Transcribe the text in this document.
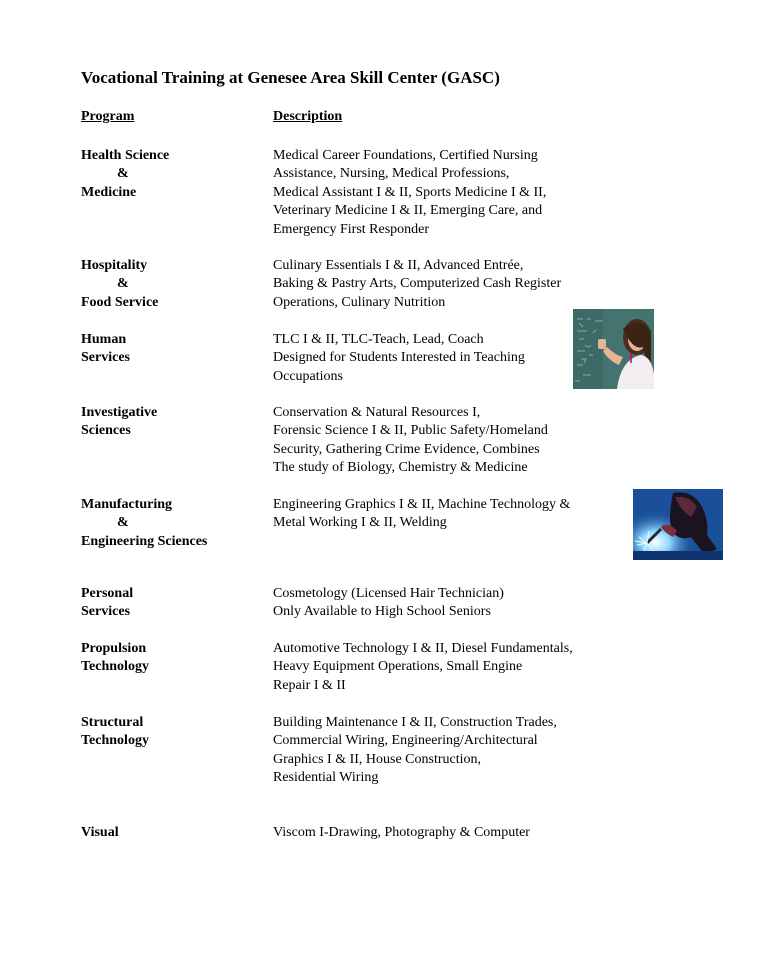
Vocational Training at Genesee Area Skill Center (GASC)
Program	Description
Health Science
&
Medicine
Medical Career Foundations, Certified Nursing
Assistance, Nursing, Medical Professions,
Medical Assistant I & II, Sports Medicine I & II,
Veterinary Medicine I & II, Emerging Care, and
Emergency First Responder
Hospitality
&
Food Service
Culinary Essentials I & II, Advanced Entrée,
Baking & Pastry Arts, Computerized Cash Register
Operations, Culinary Nutrition
Human
Services
TLC I & II, TLC-Teach, Lead, Coach
Designed for Students Interested in Teaching
Occupations
Investigative
Sciences
Conservation & Natural Resources I,
Forensic Science I & II, Public Safety/Homeland
Security, Gathering Crime Evidence, Combines
The study of Biology, Chemistry & Medicine
Manufacturing
&
Engineering Sciences
Engineering Graphics I & II, Machine Technology &
Metal Working I & II, Welding
Personal
Services
Cosmetology (Licensed Hair Technician)
Only Available to High School Seniors
Propulsion
Technology
Automotive Technology I & II, Diesel Fundamentals,
Heavy Equipment Operations, Small Engine
Repair I & II
Structural
Technology
Building Maintenance I & II, Construction Trades,
Commercial Wiring, Engineering/Architectural
Graphics I & II, House Construction,
Residential Wiring
Visual	Viscom I-Drawing, Photography & Computer
